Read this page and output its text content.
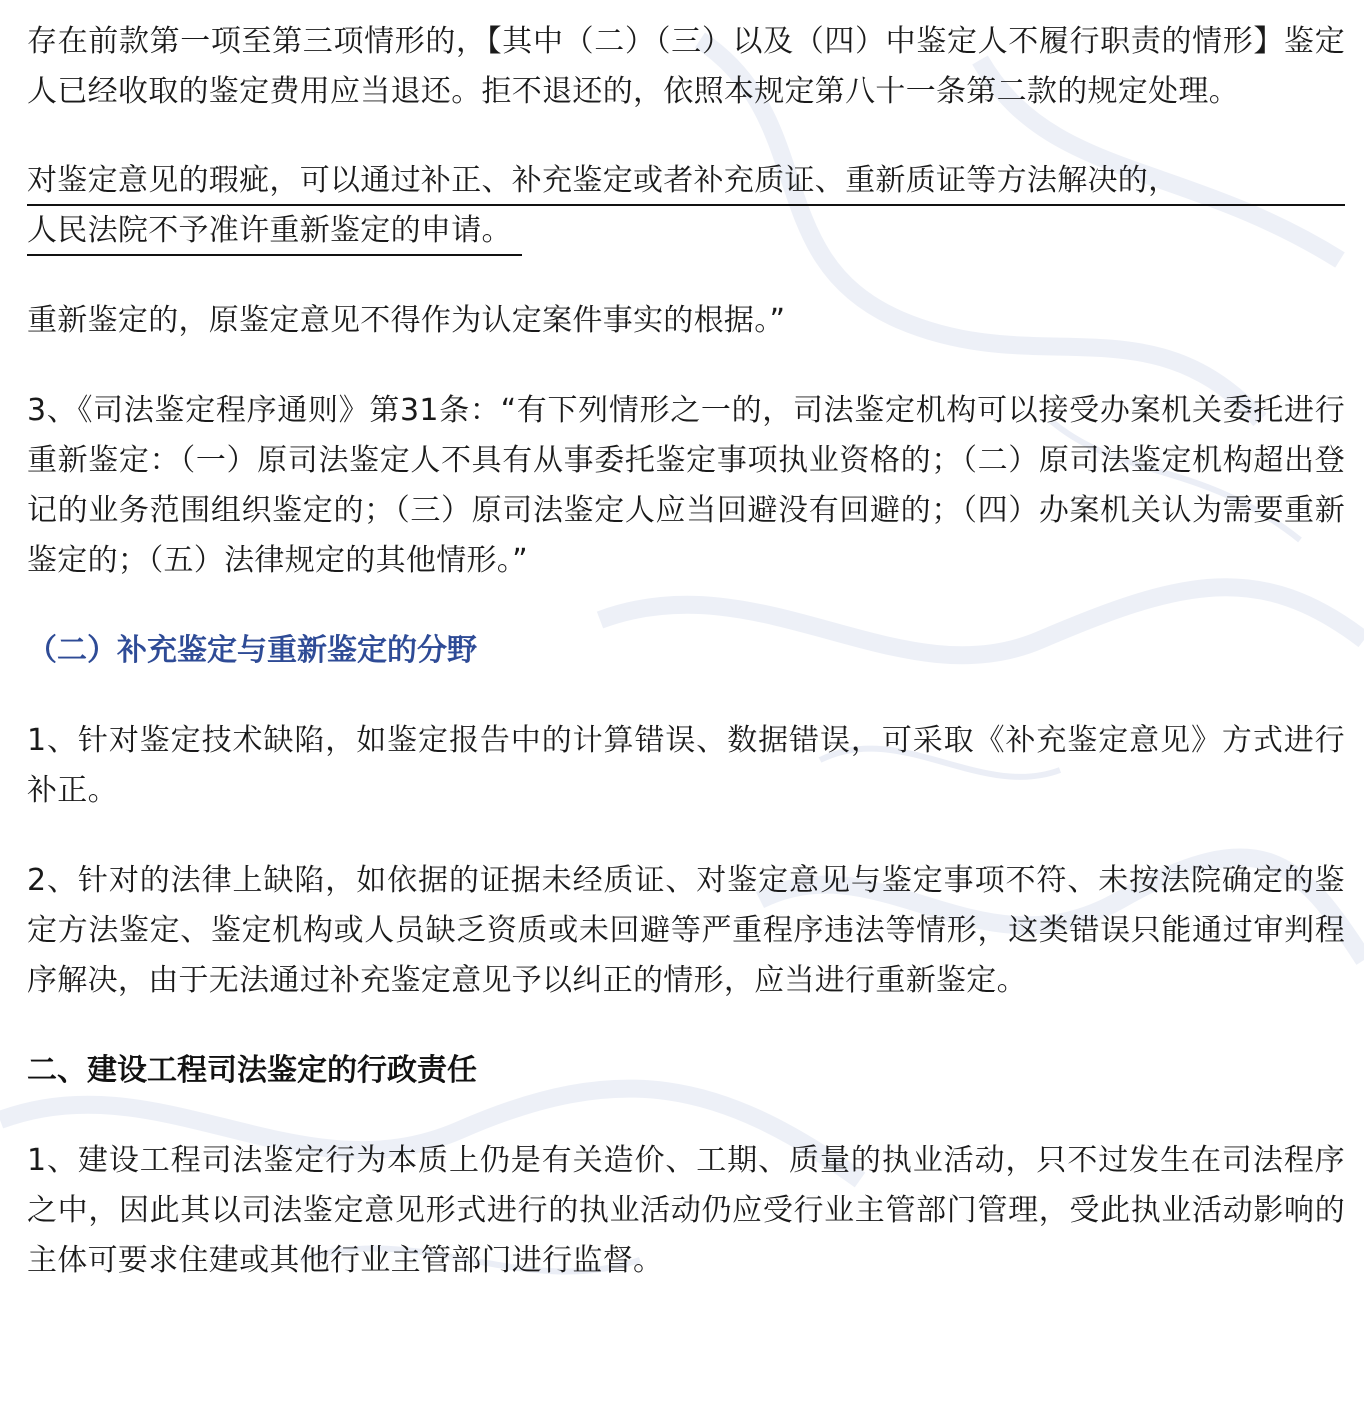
存在前款第一项至第三项情形的，【其中（二）（三）以及（四）中鉴定人不履行职责的情形】鉴定人已经收取的鉴定费用应当退还。拒不退还的，依照本规定第八十一条第二款的规定处理。

对鉴定意见的瑕疵，可以通过补正、补充鉴定或者补充质证、重新质证等方法解决的，
人民法院不予准许重新鉴定的申请。

重新鉴定的，原鉴定意见不得作为认定案件事实的根据。”

3、《司法鉴定程序通则》第31条：“有下列情形之一的，司法鉴定机构可以接受办案机关委托进行重新鉴定：（一）原司法鉴定人不具有从事委托鉴定事项执业资格的；（二）原司法鉴定机构超出登记的业务范围组织鉴定的；（三）原司法鉴定人应当回避没有回避的；（四）办案机关认为需要重新鉴定的；（五）法律规定的其他情形。”

（二）补充鉴定与重新鉴定的分野

1、针对鉴定技术缺陷，如鉴定报告中的计算错误、数据错误，可采取《补充鉴定意见》方式进行补正。

2、针对的法律上缺陷，如依据的证据未经质证、对鉴定意见与鉴定事项不符、未按法院确定的鉴定方法鉴定、鉴定机构或人员缺乏资质或未回避等严重程序违法等情形，这类错误只能通过审判程序解决，由于无法通过补充鉴定意见予以纠正的情形，应当进行重新鉴定。

二、建设工程司法鉴定的行政责任

1、建设工程司法鉴定行为本质上仍是有关造价、工期、质量的执业活动，只不过发生在司法程序之中，因此其以司法鉴定意见形式进行的执业活动仍应受行业主管部门管理，受此执业活动影响的主体可要求住建或其他行业主管部门进行监督。
